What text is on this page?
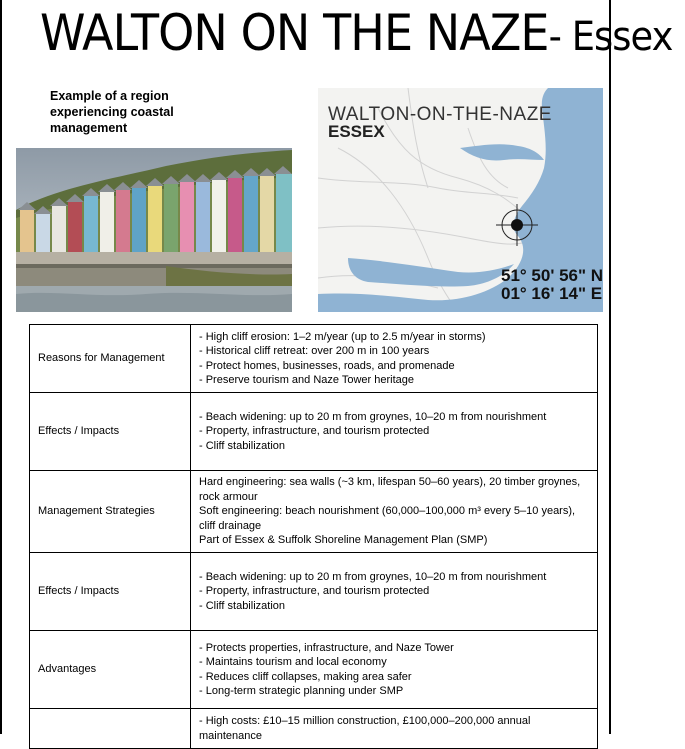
WALTON ON THE NAZE- Essex
Example of a region experiencing coastal management
WALTON-ON-THE-NAZE
ESSEX
51° 50' 56" N
01° 16' 14" E
Reasons for Management	- High cliff erosion: 1–2 m/year (up to 2.5 m/year in storms)
- Historical cliff retreat: over 200 m in 100 years
- Protect homes, businesses, roads, and promenade
- Preserve tourism and Naze Tower heritage

Effects / Impacts	- Beach widening: up to 20 m from groynes, 10–20 m from nourishment
- Property, infrastructure, and tourism protected
- Cliff stabilization

Management Strategies	Hard engineering: sea walls (~3 km, lifespan 50–60 years), 20 timber groynes, rock armour
Soft engineering: beach nourishment (60,000–100,000 m³ every 5–10 years), cliff drainage
Part of Essex & Suffolk Shoreline Management Plan (SMP)

Effects / Impacts	- Beach widening: up to 20 m from groynes, 10–20 m from nourishment
- Property, infrastructure, and tourism protected
- Cliff stabilization

Advantages	- Protects properties, infrastructure, and Naze Tower
- Maintains tourism and local economy
- Reduces cliff collapses, making area safer
- Long-term strategic planning under SMP

	- High costs: £10–15 million construction, £100,000–200,000 annual maintenance
